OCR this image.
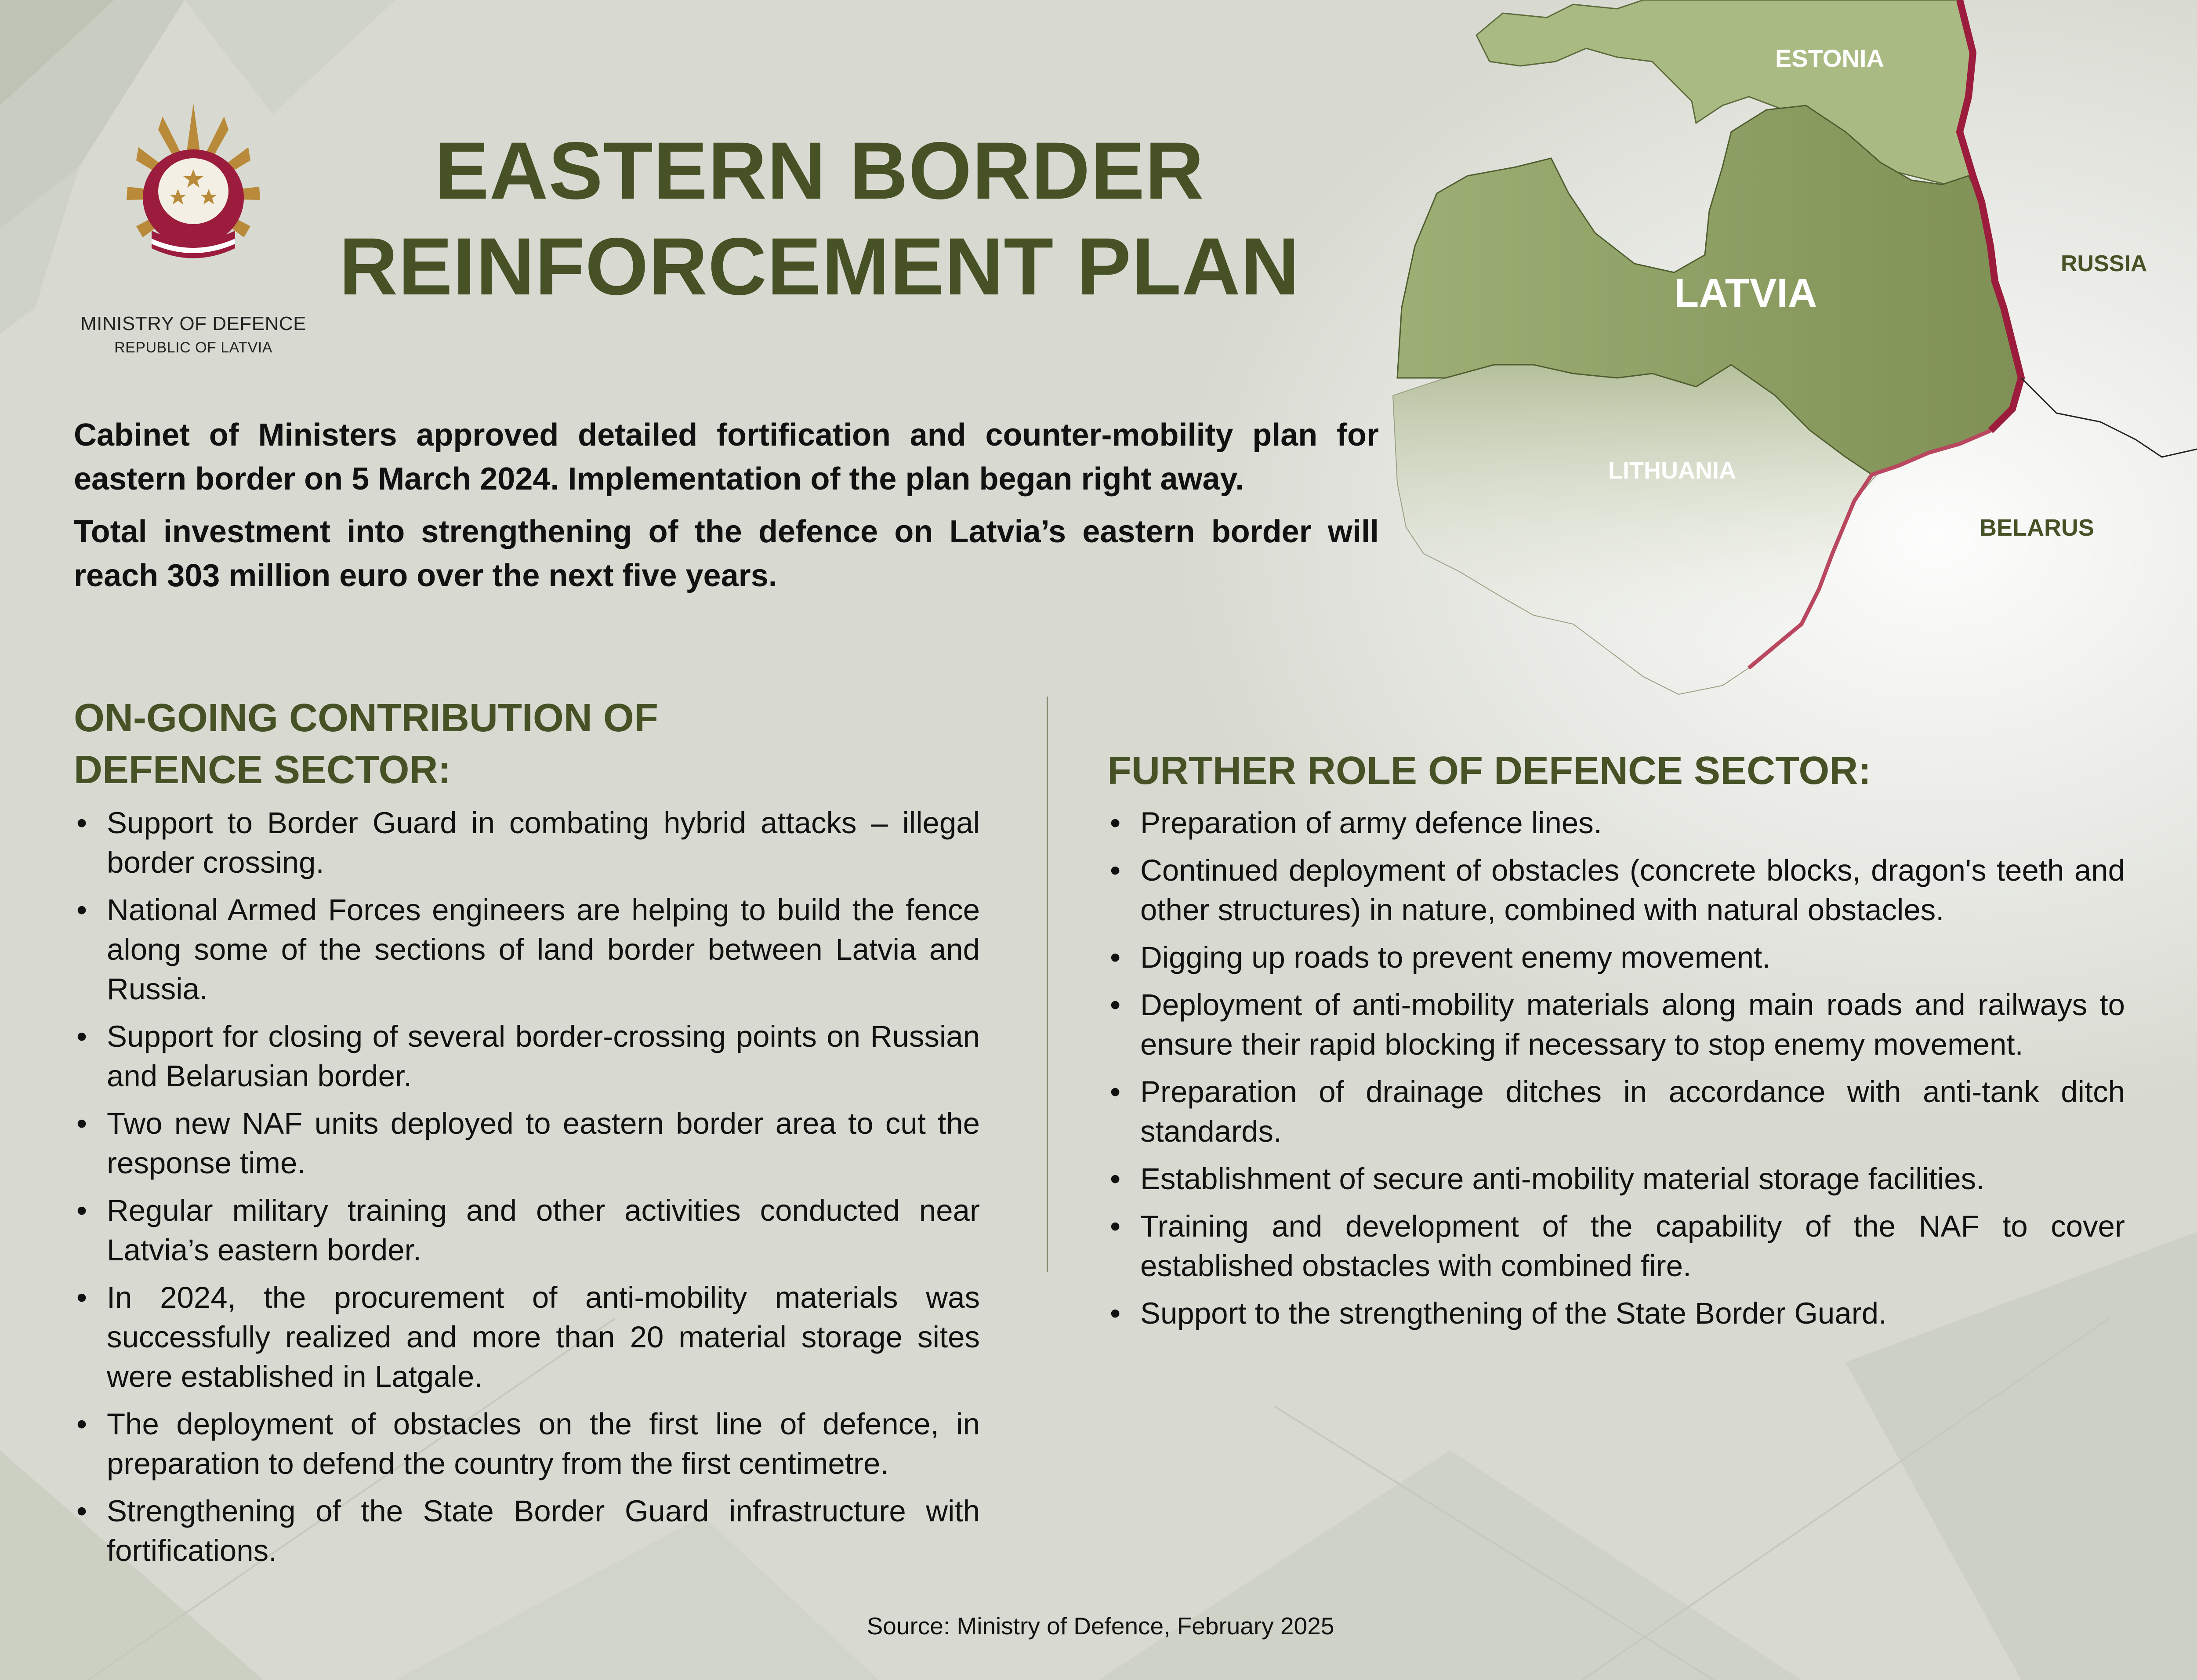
MINISTRY OF DEFENCE
REPUBLIC OF LATVIA
EASTERN BORDER
REINFORCEMENT PLAN

Cabinet of Ministers approved detailed fortification and counter-mobility plan for eastern border on 5 March 2024. Implementation of the plan began right away.

Total investment into strengthening of the defence on Latvia’s eastern border will reach 303 million euro over the next five years.

ESTONIA
LATVIA
RUSSIA
LITHUANIA
BELARUS
ON-GOING CONTRIBUTION OF
DEFENCE SECTOR:
• Support to Border Guard in combating hybrid attacks – illegal border crossing.
• National Armed Forces engineers are helping to build the fence along some of the sections of land border between Latvia and Russia.
• Support for closing of several border-crossing points on Russian and Belarusian border.
• Two new NAF units deployed to eastern border area to cut the response time.
• Regular military training and other activities conducted near Latvia’s eastern border.
• In 2024, the procurement of anti-mobility materials was successfully realized and more than 20 material storage sites were established in Latgale.
• The deployment of obstacles on the first line of defence, in preparation to defend the country from the first centimetre.
• Strengthening of the State Border Guard infrastructure with fortifications.
FURTHER ROLE OF DEFENCE SECTOR:
• Preparation of army defence lines.
• Continued deployment of obstacles (concrete blocks, dragon's teeth and other structures) in nature, combined with natural obstacles.
• Digging up roads to prevent enemy movement.
• Deployment of anti-mobility materials along main roads and railways to ensure their rapid blocking if necessary to stop enemy movement.
• Preparation of drainage ditches in accordance with anti-tank ditch standards.
• Establishment of secure anti-mobility material storage facilities.
• Training and development of the capability of the NAF to cover established obstacles with combined fire.
• Support to the strengthening of the State Border Guard.
Source: Ministry of Defence, February 2025
